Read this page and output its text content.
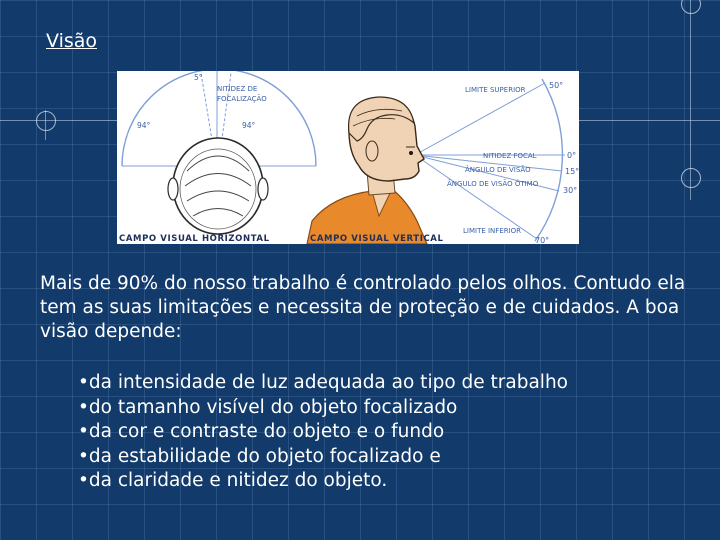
Visão
5°
NITIDEZ DE
FOCALIZAÇÃO
94°	94°
CAMPO VISUAL HORIZONTAL
LIMITE SUPERIOR	50°
NITIDEZ FOCAL	0°
ÂNGULO DE VISÃO	15°
ÂNGULO DE VISÃO ÓTIMO
30°
LIMITE INFERIOR
70°
CAMPO VISUAL VERTICAL
Mais de 90% do nosso trabalho é controlado pelos olhos. Contudo ela tem as suas limitações e necessita de proteção e de cuidados. A boa visão depende:
•da intensidade de luz adequada ao tipo de trabalho
•do tamanho visível do objeto focalizado
•da cor e contraste do objeto e o fundo
•da estabilidade do objeto focalizado e
•da claridade e nitidez do objeto.
